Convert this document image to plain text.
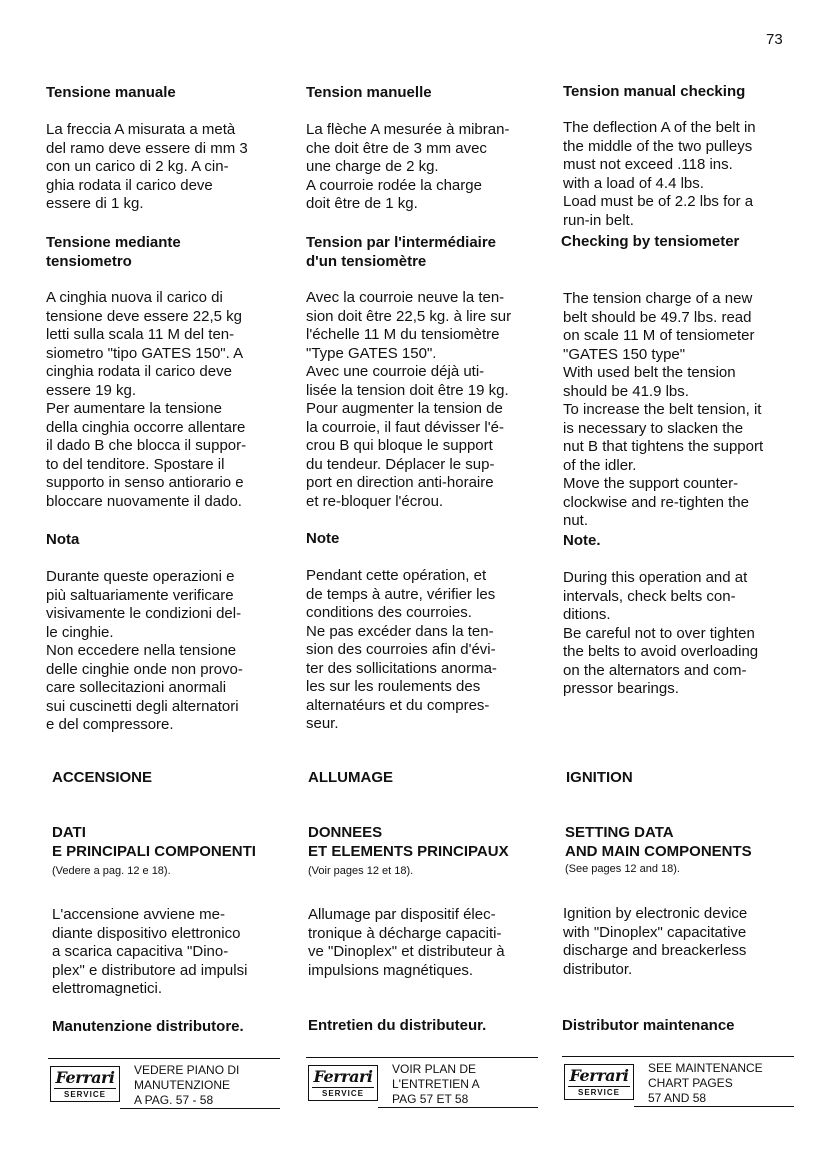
73

Tensione manuale

La freccia A misurata a metà
del ramo deve essere di mm 3
con un carico di 2 kg. A cin-
ghia rodata il carico deve
essere di 1 kg.

Tensione mediante
tensiometro

A cinghia nuova il carico di
tensione deve essere 22,5 kg
letti sulla scala 11 M del ten-
siometro "tipo GATES 150". A
cinghia rodata il carico deve
essere 19 kg.
Per aumentare la tensione
della cinghia occorre allentare
il dado B che blocca il suppor-
to del tenditore. Spostare il
supporto in senso antiorario e
bloccare nuovamente il dado.

Nota

Durante queste operazioni e
più saltuariamente verificare
visivamente le condizioni del-
le cinghie.
Non eccedere nella tensione
delle cinghie onde non provo-
care sollecitazioni anormali
sui cuscinetti degli alternatori
e del compressore.

ACCENSIONE

DATI
E PRINCIPALI COMPONENTI

(Vedere a pag. 12 e 18).

L'accensione avviene me-
diante dispositivo elettronico
a scarica capacitiva "Dino-
plex" e distributore ad impulsi
elettromagnetici.

Manutenzione distributore.

Ferrari
SERVICE

VEDERE PIANO DI
MANUTENZIONE
A PAG. 57 - 58

Tension manuelle

La flèche A mesurée à mibran-
che doit être de 3 mm avec
une charge de 2 kg.
A courroie rodée la charge
doit être de 1 kg.

Tension par l'intermédiaire
d'un tensiomètre

Avec la courroie neuve la ten-
sion doit être 22,5 kg. à lire sur
l'échelle 11 M du tensiomètre
"Type GATES 150".
Avec une courroie déjà uti-
lisée la tension doit être 19 kg.
Pour augmenter la tension de
la courroie, il faut dévisser l'é-
crou B qui bloque le support
du tendeur. Déplacer le sup-
port en direction anti-horaire
et re-bloquer l'écrou.

Note

Pendant cette opération, et
de temps à autre, vérifier les
conditions des courroies.
Ne pas excéder dans la ten-
sion des courroies afin d'évi-
ter des sollicitations anorma-
les sur les roulements des
alternatéurs et du compres-
seur.

ALLUMAGE

DONNEES
ET ELEMENTS PRINCIPAUX

(Voir pages 12 et 18).

Allumage par dispositif élec-
tronique à décharge capaciti-
ve "Dinoplex" et distributeur à
impulsions magnétiques.

Entretien du distributeur.

Ferrari
SERVICE

VOIR PLAN DE
L'ENTRETIEN A
PAG 57 ET 58

Tension manual checking

The deflection A of the belt in
the middle of the two pulleys
must not exceed .118 ins.
with a load of 4.4 lbs.
Load must be of 2.2 lbs for a
run-in belt.

Checking by tensiometer

The tension charge of a new
belt should be 49.7 lbs. read
on scale 11 M of tensiometer
"GATES 150 type"
With used belt the tension
should be 41.9 lbs.
To increase the belt tension, it
is necessary to slacken the
nut B that tightens the support
of the idler.
Move the support counter-
clockwise and re-tighten the
nut.

Note.

During this operation and at
intervals, check belts con-
ditions.
Be careful not to over tighten
the belts to avoid overloading
on the alternators and com-
pressor bearings.

IGNITION

SETTING DATA
AND MAIN COMPONENTS

(See pages 12 and 18).

Ignition by electronic device
with "Dinoplex" capacitative
discharge and breackerless
distributor.

Distributor maintenance

Ferrari
SERVICE

SEE MAINTENANCE
CHART PAGES
57 AND 58
